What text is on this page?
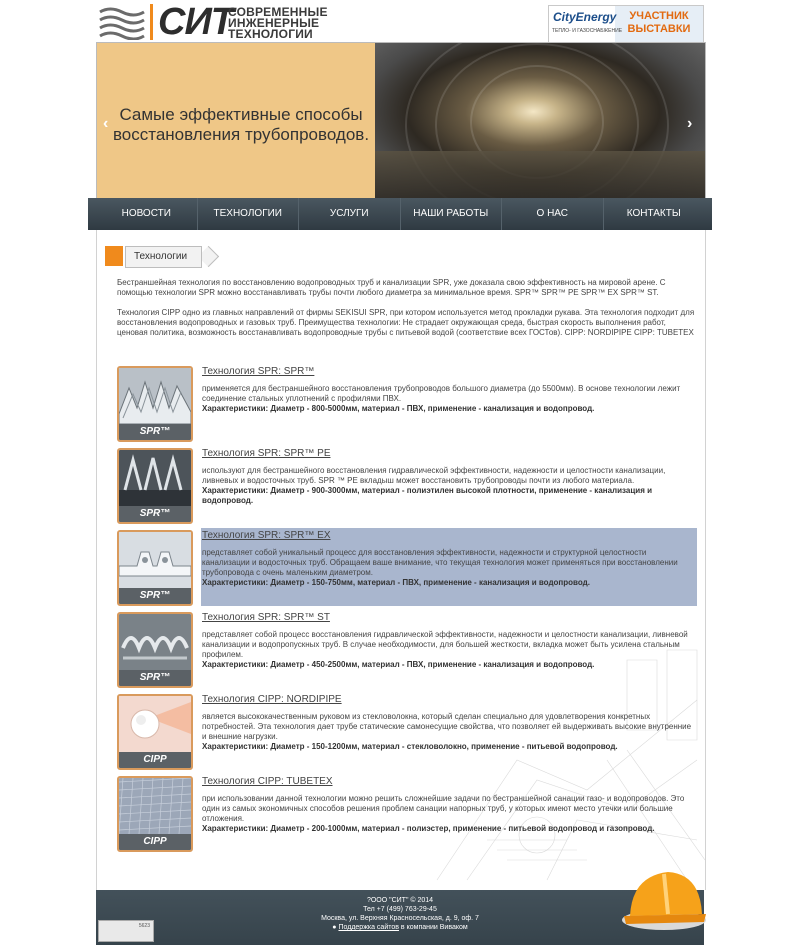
СИТ
СОВРЕМЕННЫЕ
ИНЖЕНЕРНЫЕ
ТЕХНОЛОГИИ
CityEnergy
ТЕПЛО- И ГАЗОСНАБЖЕНИЕ
УЧАСТНИК
ВЫСТАВКИ
Самые эффективные способы восстановления трубопроводов.
‹	›
НОВОСТИ	ТЕХНОЛОГИИ	УСЛУГИ	НАШИ РАБОТЫ	О НАС	КОНТАКТЫ
Технологии

Бестраншейная технология по восстановлению водопроводных труб и канализации SPR, уже доказала свою эффективность на мировой арене. С помощью технологии SPR можно восстанавливать трубы почти любого диаметра за минимальное время. SPR™ SPR™ PE SPR™ EX SPR™ ST.

Технология CIPP одно из главных направлений от фирмы SEKISUI SPR, при котором используется метод прокладки рукава. Эта технология подходит для восстановления водопроводных и газовых труб. Преимущества технологии: Не страдает окружающая среда, быстрая скорость выполнения работ, ценовая политика, возможность восстанавливать водопроводные трубы с питьевой водой (соответствие всех ГОСТов). CIPP: NORDIPIPE CIPP: TUBETEX

SPR™
Технология SPR: SPR™
применяется для бестраншейного восстановления трубопроводов большого диаметра (до 5500мм). В основе технологии лежит соединение стальных уплотнений с профилями ПВХ.
Характеристики: Диаметр - 800-5000мм, материал - ПВХ, применение - канализация и водопровод.
SPR™
Технология SPR: SPR™ PE
используют для бестраншейного восстановления гидравлической эффективности, надежности и целостности канализации, ливневых и водосточных труб. SPR ™ PE вкладыш может восстановить трубопроводы почти из любого материала.
Характеристики: Диаметр - 900-3000мм, материал - полиэтилен высокой плотности, применение - канализация и водопровод.
SPR™
Технология SPR: SPR™ EX
представляет собой уникальный процесс для восстановления эффективности, надежности и структурной целостности канализации и водосточных труб. Обращаем ваше внимание, что текущая технология может применяться при восстановлении трубопровода с очень маленьким диаметром.
Характеристики: Диаметр - 150-750мм, материал - ПВХ, применение - канализация и водопровод.
SPR™
Технология SPR: SPR™ ST
представляет собой процесс восстановления гидравлической эффективности, надежности и целостности канализации, ливневой канализации и водопропускных труб. В случае необходимости, для большей жесткости, вкладка может быть усилена стальным профилем.
Характеристики: Диаметр - 450-2500мм, материал - ПВХ, применение - канализация и водопровод.
CIPP
Технология CIPP: NORDIPIPE
является высококачественным руковом из стекловолокна, который сделан специально для удовлетворения конкретных потребностей. Эта технология дает трубе статические самонесущие свойства, что позволяет ей выдерживать высокие внутренние и внешние нагрузки.
Характеристики: Диаметр - 150-1200мм, материал - стекловолокно, применение - питьевой водопровод.
CIPP
Технология CIPP: TUBETEX
при использовании данной технологии можно решить сложнейшие задачи по бестраншейной санации газо- и водопроводов. Это один из самых экономичных способов решения проблем санации напорных труб, у которых имеют место утечки или большие отложения.
Характеристики: Диаметр - 200-1000мм, материал - полиэстер, применение - питьевой водопровод и газопровод.
?ООО "СИТ" © 2014
Тел +7 (499) 763-29-45
Москва, ул. Верхняя Красносельская, д. 9, оф. 7
● Поддержка сайтов в компании Виваком
5623
